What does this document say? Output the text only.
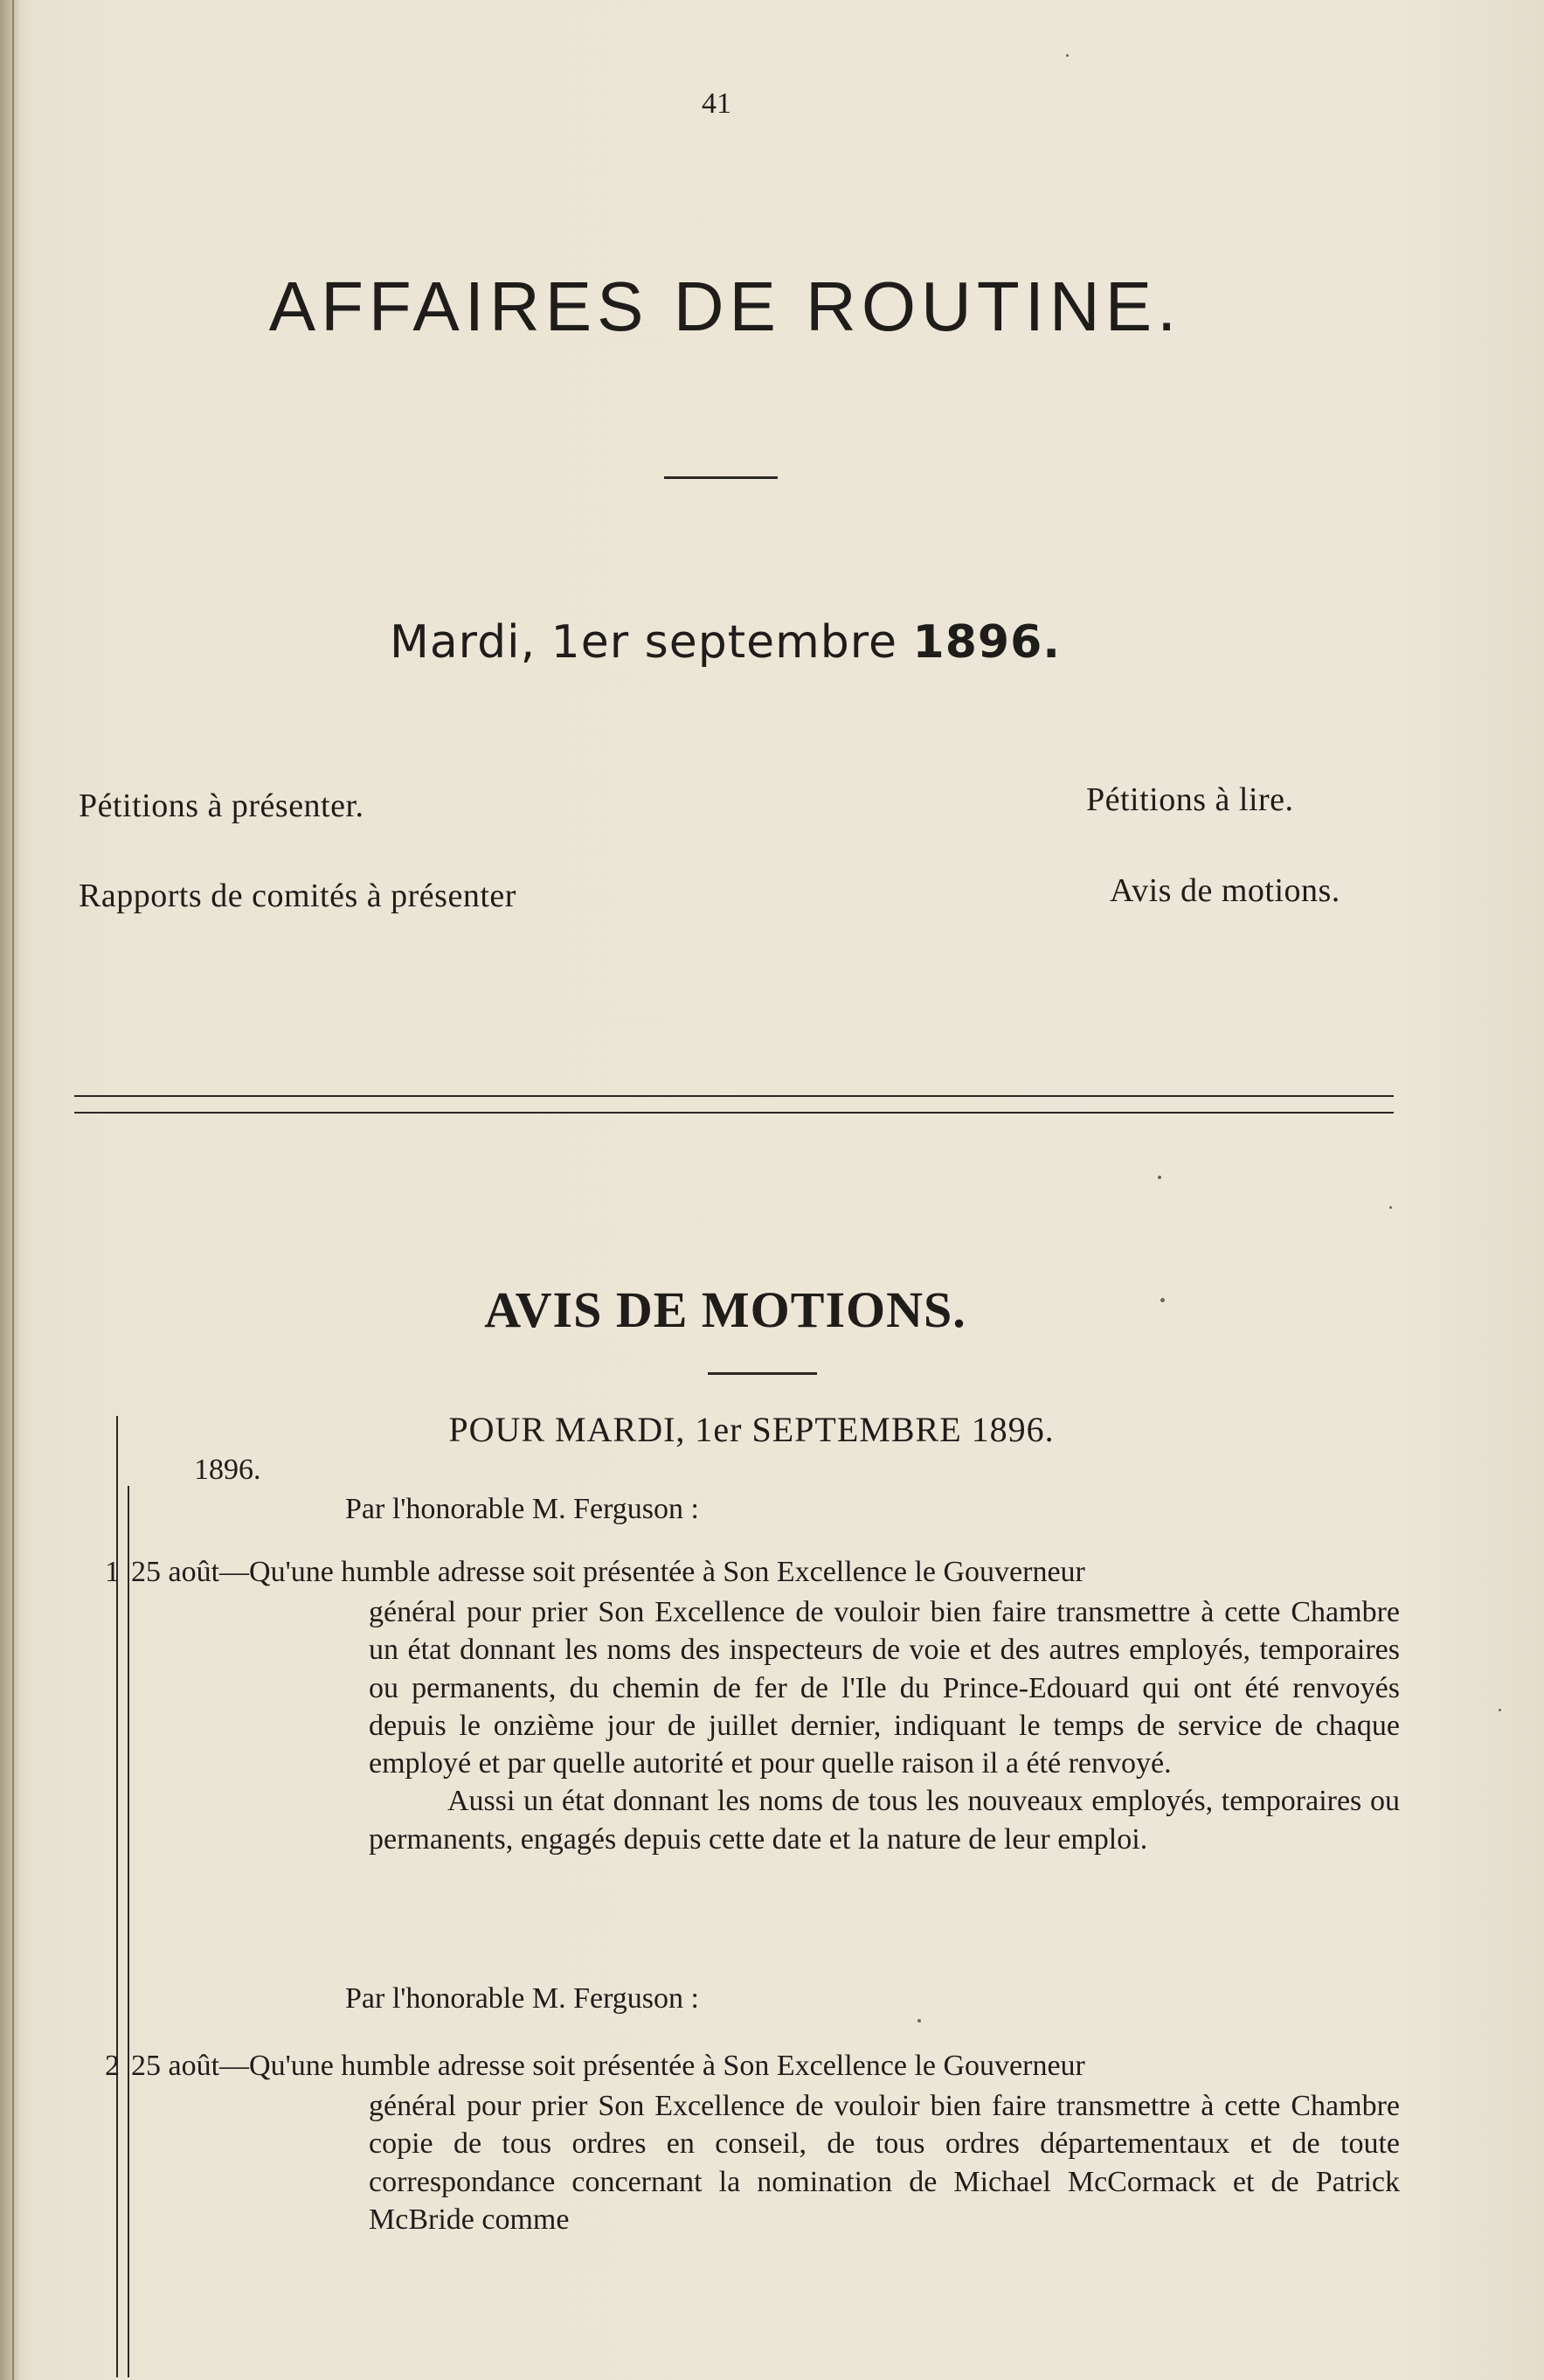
41
AFFAIRES DE ROUTINE.
Mardi, 1er septembre 1896.
Pétitions à présenter.	Pétitions à lire.
Rapports de comités à présenter	Avis de motions.
AVIS DE MOTIONS.
POUR MARDI, 1er SEPTEMBRE 1896.
1896.
Par l'honorable M. Ferguson :
1 25 août—Qu'une humble adresse soit présentée à Son Excellence le Gouverneur

général pour prier Son Excellence de vouloir bien faire transmettre à cette Chambre un état donnant les noms des inspecteurs de voie et des autres employés, temporaires ou permanents, du chemin de fer de l'Ile du Prince-Edouard qui ont été renvoyés depuis le onzième jour de juillet dernier, indiquant le temps de service de chaque employé et par quelle autorité et pour quelle raison il a été renvoyé.

Aussi un état donnant les noms de tous les nouveaux employés, temporaires ou permanents, engagés depuis cette date et la nature de leur emploi.

Par l'honorable M. Ferguson :
2 25 août—Qu'une humble adresse soit présentée à Son Excellence le Gouverneur

général pour prier Son Excellence de vouloir bien faire transmettre à cette Chambre copie de tous ordres en conseil, de tous ordres départementaux et de toute correspondance concernant la nomination de Michael McCormack et de Patrick McBride comme
